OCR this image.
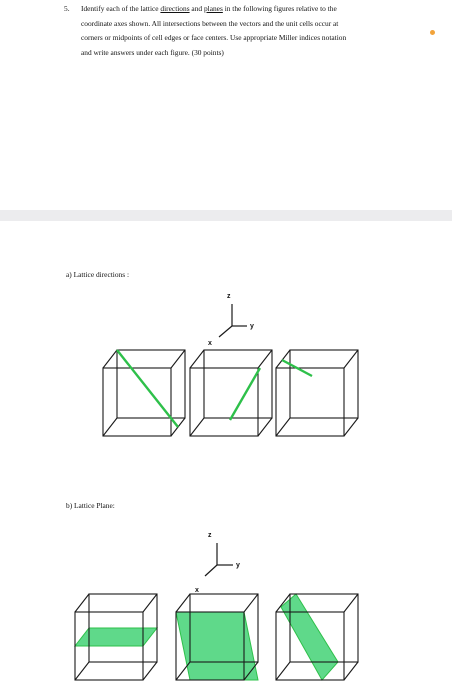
5. Identify each of the lattice directions and planes in the following figures relative to the
coordinate axes shown. All intersections between the vectors and the unit cells occur at
corners or midpoints of cell edges or face centers. Use appropriate Miller indices notation
and write answers under each figure. (30 points)
a) Lattice directions :
b) Lattice Plane:
z
y
x
z
y
x
